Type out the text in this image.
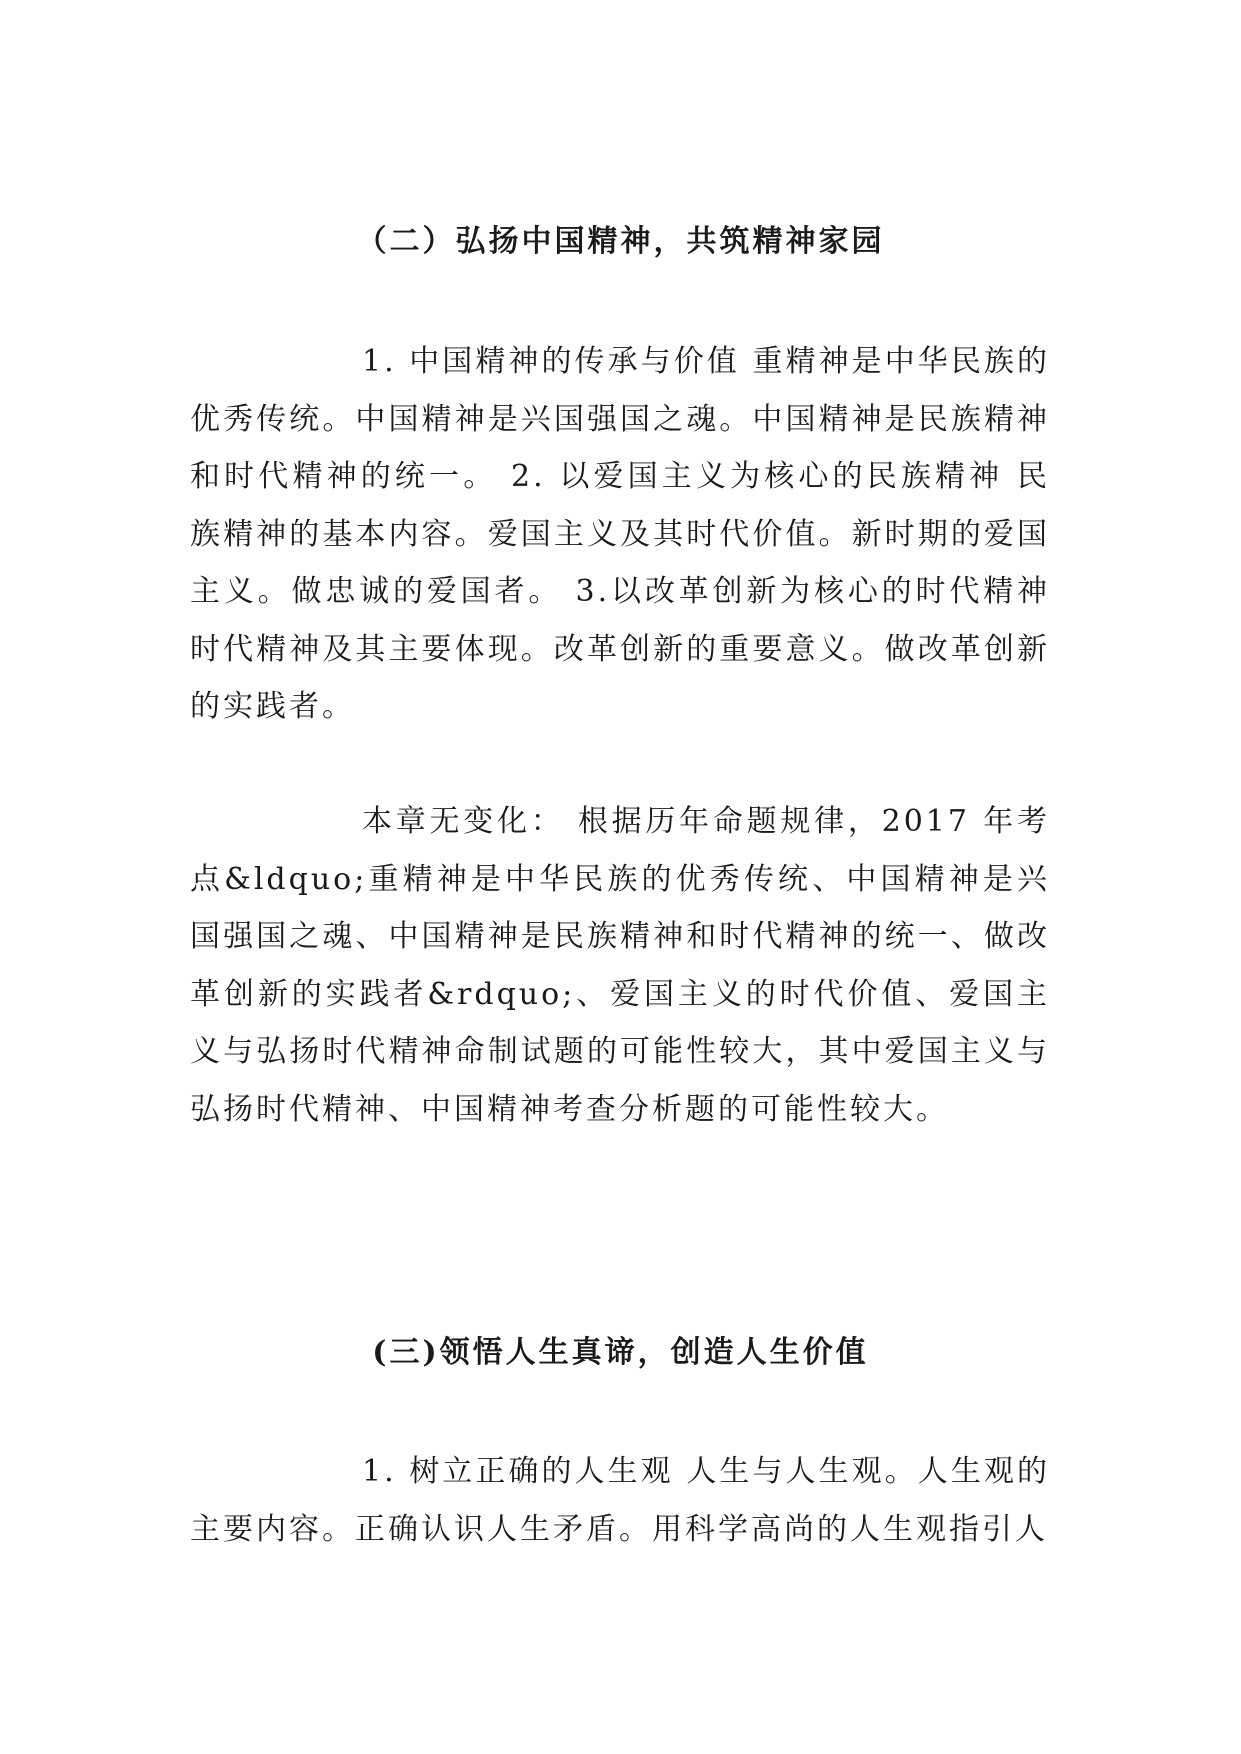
（二）弘扬中国精神，共筑精神家园

1. 中国精神的传承与价值 重精神是中华民族的优秀传统。中国精神是兴国强国之魂。中国精神是民族精神和时代精神的统一。 2. 以爱国主义为核心的民族精神 民族精神的基本内容。爱国主义及其时代价值。新时期的爱国主义。做忠诚的爱国者。 3.以改革创新为核心的时代精神 时代精神及其主要体现。改革创新的重要意义。做改革创新的实践者。

本章无变化： 根据历年命题规律，2017 年考点&ldquo;重精神是中华民族的优秀传统、中国精神是兴国强国之魂、中国精神是民族精神和时代精神的统一、做改革创新的实践者&rdquo;、爱国主义的时代价值、爱国主义与弘扬时代精神命制试题的可能性较大，其中爱国主义与弘扬时代精神、中国精神考查分析题的可能性较大。

(三)领悟人生真谛，创造人生价值

1. 树立正确的人生观 人生与人生观。人生观的主要内容。正确认识人生矛盾。用科学高尚的人生观指引人
